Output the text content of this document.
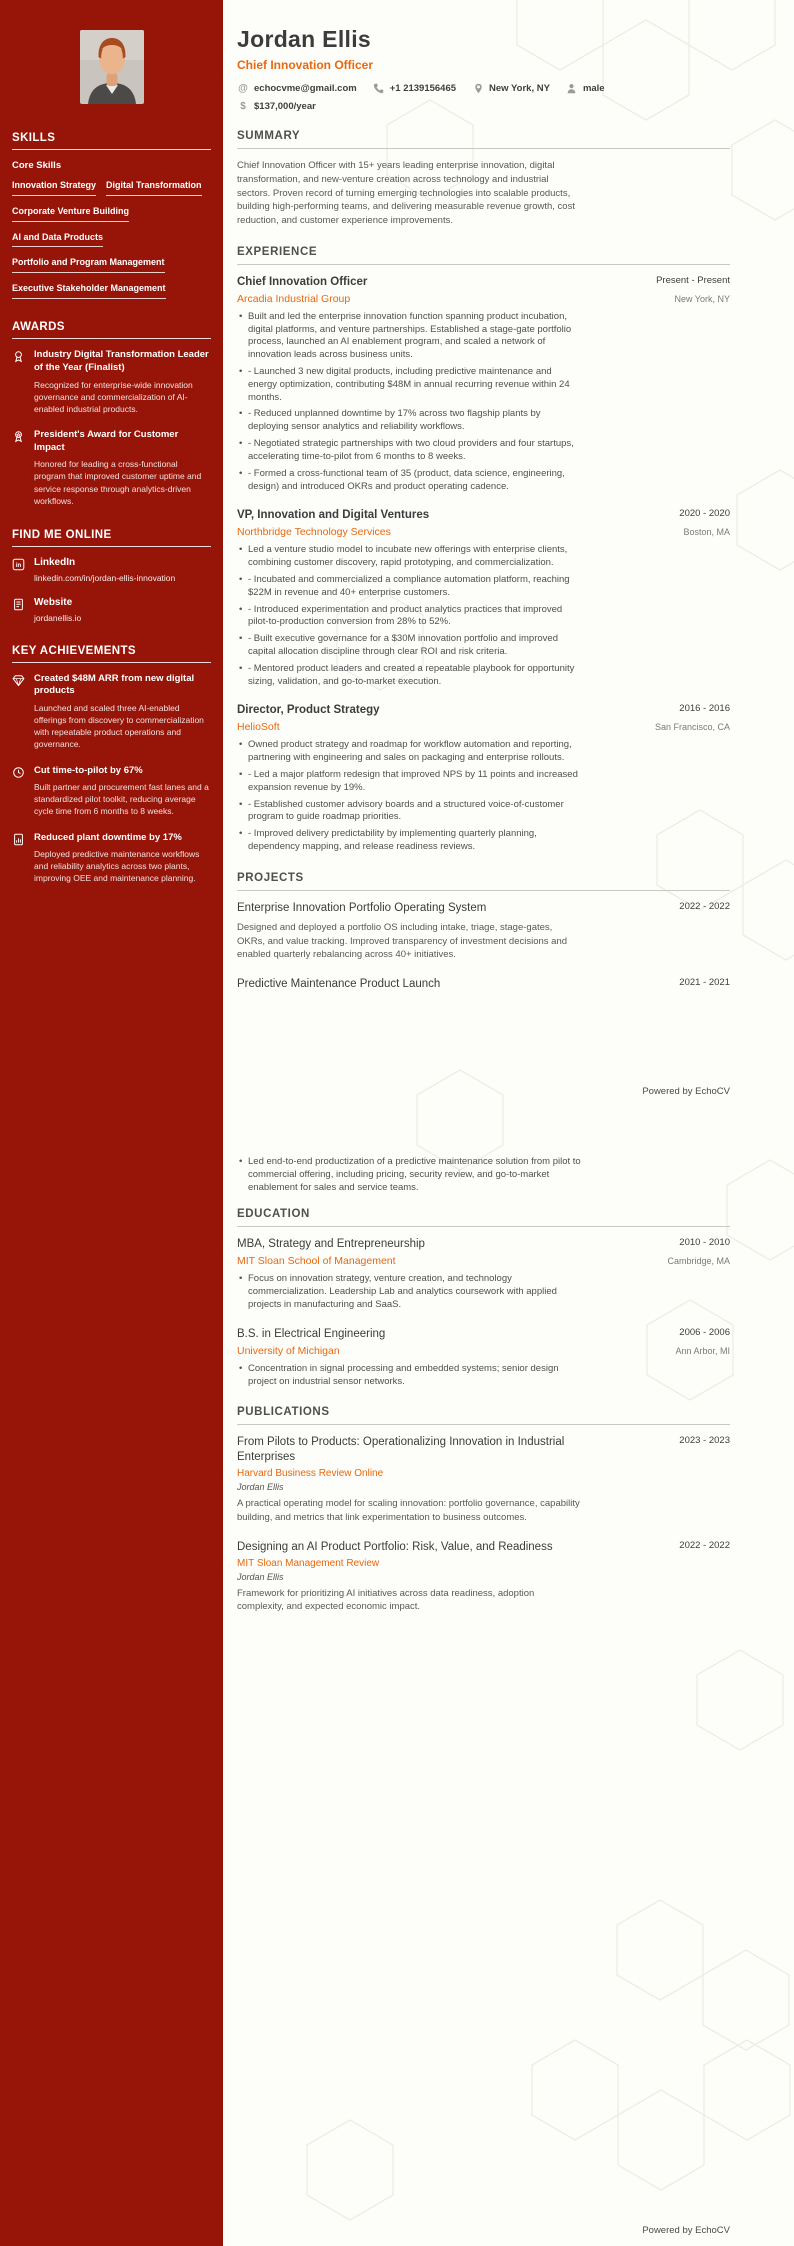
SKILLS
Core Skills
Innovation Strategy Digital Transformation
Corporate Venture Building
AI and Data Products
Portfolio and Program Management
Executive Stakeholder Management
AWARDS
Industry Digital Transformation Leader of the Year (Finalist)
Recognized for enterprise-wide innovation governance and commercialization of AI-enabled industrial products.
President's Award for Customer Impact
Honored for leading a cross-functional program that improved customer uptime and service response through analytics-driven workflows.
FIND ME ONLINE
in LinkedIn
linkedin.com/in/jordan-ellis-innovation
Website
jordanellis.io
KEY ACHIEVEMENTS
Created $48M ARR from new digital products
Launched and scaled three AI-enabled offerings from discovery to commercialization with repeatable product operations and governance.
Cut time-to-pilot by 67%
Built partner and procurement fast lanes and a standardized pilot toolkit, reducing average cycle time from 6 months to 8 weeks.
Reduced plant downtime by 17%
Deployed predictive maintenance workflows and reliability analytics across two plants, improving OEE and maintenance planning.
Jordan Ellis
Chief Innovation Officer
@ echocvme@gmail.com	+1 2139156465	New York, NY	male
$ $137,000/year
SUMMARY

Chief Innovation Officer with 15+ years leading enterprise innovation, digital transformation, and new-venture creation across technology and industrial sectors. Proven record of turning emerging technologies into scalable products, building high-performing teams, and delivering measurable revenue growth, cost reduction, and customer experience improvements.

EXPERIENCE
Chief Innovation Officer	Present - Present
Arcadia Industrial Group	New York, NY
• Built and led the enterprise innovation function spanning product incubation, digital platforms, and venture partnerships. Established a stage-gate portfolio process, launched an AI enablement program, and scaled a network of innovation leads across business units.
• - Launched 3 new digital products, including predictive maintenance and energy optimization, contributing $48M in annual recurring revenue within 24 months.
• - Reduced unplanned downtime by 17% across two flagship plants by deploying sensor analytics and reliability workflows.
• - Negotiated strategic partnerships with two cloud providers and four startups, accelerating time-to-pilot from 6 months to 8 weeks.
• - Formed a cross-functional team of 35 (product, data science, engineering, design) and introduced OKRs and product operating cadence.
VP, Innovation and Digital Ventures	2020 - 2020
Northbridge Technology Services	Boston, MA
• Led a venture studio model to incubate new offerings with enterprise clients, combining customer discovery, rapid prototyping, and commercialization.
• - Incubated and commercialized a compliance automation platform, reaching $22M in revenue and 40+ enterprise customers.
• - Introduced experimentation and product analytics practices that improved pilot-to-production conversion from 28% to 52%.
• - Built executive governance for a $30M innovation portfolio and improved capital allocation discipline through clear ROI and risk criteria.
• - Mentored product leaders and created a repeatable playbook for opportunity sizing, validation, and go-to-market execution.
Director, Product Strategy	2016 - 2016
HelioSoft	San Francisco, CA
• Owned product strategy and roadmap for workflow automation and reporting, partnering with engineering and sales on packaging and enterprise rollouts.
• - Led a major platform redesign that improved NPS by 11 points and increased expansion revenue by 19%.
• - Established customer advisory boards and a structured voice-of-customer program to guide roadmap priorities.
• - Improved delivery predictability by implementing quarterly planning, dependency mapping, and release readiness reviews.
PROJECTS
Enterprise Innovation Portfolio Operating System	2022 - 2022

Designed and deployed a portfolio OS including intake, triage, stage-gates, OKRs, and value tracking. Improved transparency of investment decisions and enabled quarterly rebalancing across 40+ initiatives.

Predictive Maintenance Product Launch	2021 - 2021
Powered by EchoCV
• Led end-to-end productization of a predictive maintenance solution from pilot to commercial offering, including pricing, security review, and go-to-market enablement for sales and service teams.
EDUCATION
MBA, Strategy and Entrepreneurship	2010 - 2010
MIT Sloan School of Management	Cambridge, MA
• Focus on innovation strategy, venture creation, and technology commercialization. Leadership Lab and analytics coursework with applied projects in manufacturing and SaaS.
B.S. in Electrical Engineering	2006 - 2006
University of Michigan	Ann Arbor, MI
• Concentration in signal processing and embedded systems; senior design project on industrial sensor networks.
PUBLICATIONS
From Pilots to Products: Operationalizing Innovation in Industrial Enterprises
2023 - 2023
Harvard Business Review Online
Jordan Ellis

A practical operating model for scaling innovation: portfolio governance, capability building, and metrics that link experimentation to business outcomes.

Designing an AI Product Portfolio: Risk, Value, and Readiness	2022 - 2022
MIT Sloan Management Review
Jordan Ellis

Framework for prioritizing AI initiatives across data readiness, adoption complexity, and expected economic impact.

Powered by EchoCV
